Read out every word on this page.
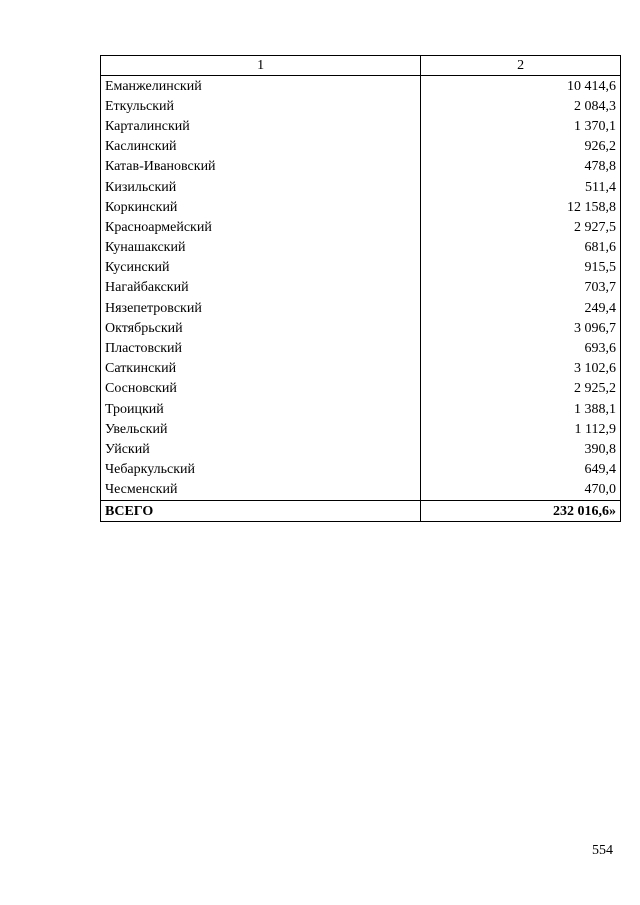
1	2
Еманжелинский	10 414,6
Еткульский	2 084,3
Карталинский	1 370,1
Каслинский	926,2
Катав-Ивановский	478,8
Кизильский	511,4
Коркинский	12 158,8
Красноармейский	2 927,5
Кунашакский	681,6
Кусинский	915,5
Нагайбакский	703,7
Нязепетровский	249,4
Октябрьский	3 096,7
Пластовский	693,6
Саткинский	3 102,6
Сосновский	2 925,2
Троицкий	1 388,1
Увельский	1 112,9
Уйский	390,8
Чебаркульский	649,4
Чесменский	470,0
ВСЕГО	232 016,6»
554
